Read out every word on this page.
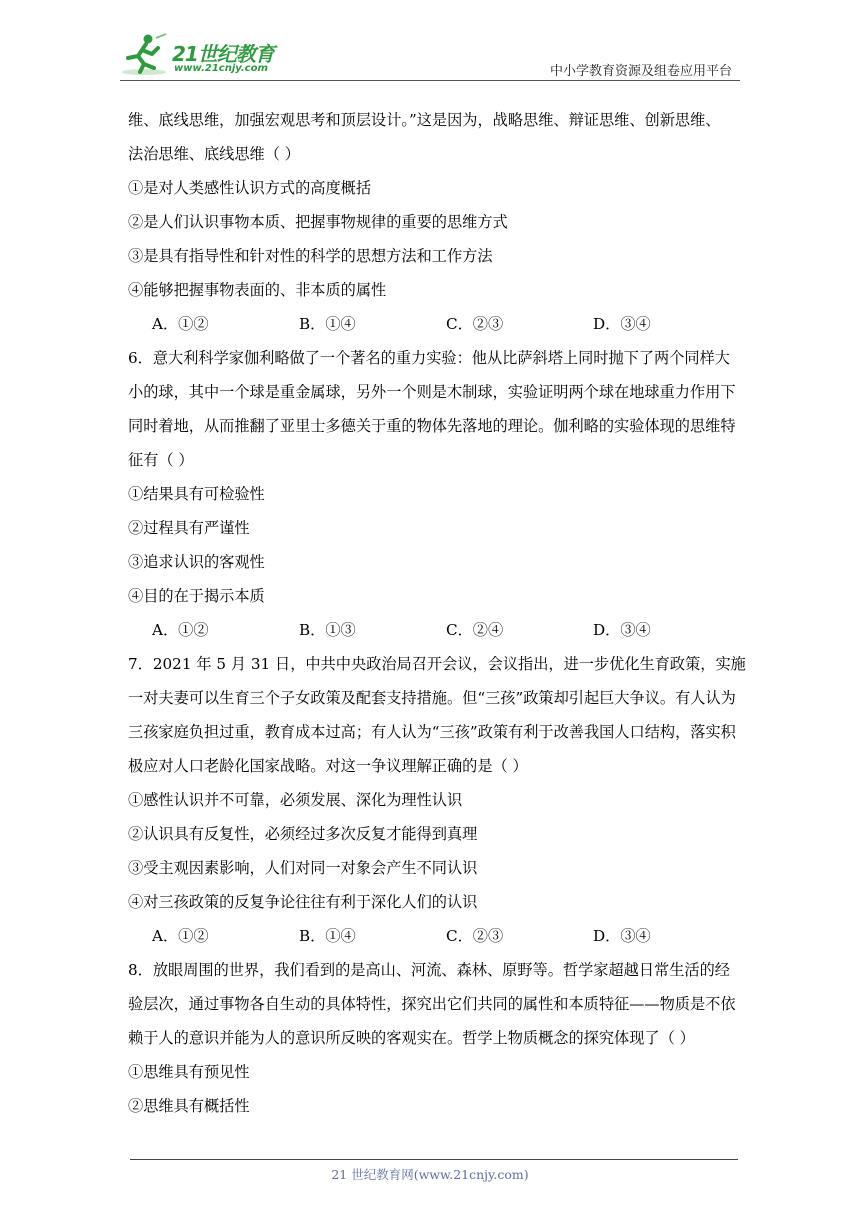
21世纪教育
www.21cnjy.com	中小学教育资源及组卷应用平台
维、底线思维，加强宏观思考和顶层设计。”这是因为，战略思维、辩证思维、创新思维、
法治思维、底线思维（ ）
①是对人类感性认识方式的高度概括
②是人们认识事物本质、把握事物规律的重要的思维方式
③是具有指导性和针对性的科学的思想方法和工作方法
④能够把握事物表面的、非本质的属性
A．①②	B．①④	C．②③	D．③④
6．意大利科学家伽利略做了一个著名的重力实验：他从比萨斜塔上同时抛下了两个同样大
小的球，其中一个球是重金属球，另外一个则是木制球，实验证明两个球在地球重力作用下
同时着地，从而推翻了亚里士多德关于重的物体先落地的理论。伽利略的实验体现的思维特
征有（ ）
①结果具有可检验性
②过程具有严谨性
③追求认识的客观性
④目的在于揭示本质
A．①②	B．①③	C．②④	D．③④
7．2021 年 5 月 31 日，中共中央政治局召开会议，会议指出，进一步优化生育政策，实施
一对夫妻可以生育三个子女政策及配套支持措施。但“三孩”政策却引起巨大争议。有人认为
三孩家庭负担过重，教育成本过高；有人认为“三孩”政策有利于改善我国人口结构，落实积
极应对人口老龄化国家战略。对这一争议理解正确的是（ ）
①感性认识并不可靠，必须发展、深化为理性认识
②认识具有反复性，必须经过多次反复才能得到真理
③受主观因素影响，人们对同一对象会产生不同认识
④对三孩政策的反复争论往往有利于深化人们的认识
A．①②	B．①④	C．②③	D．③④
8．放眼周围的世界，我们看到的是高山、河流、森林、原野等。哲学家超越日常生活的经
验层次，通过事物各自生动的具体特性，探究出它们共同的属性和本质特征——物质是不依
赖于人的意识并能为人的意识所反映的客观实在。哲学上物质概念的探究体现了（ ）
①思维具有预见性
②思维具有概括性
21 世纪教育网(www.21cnjy.com)
